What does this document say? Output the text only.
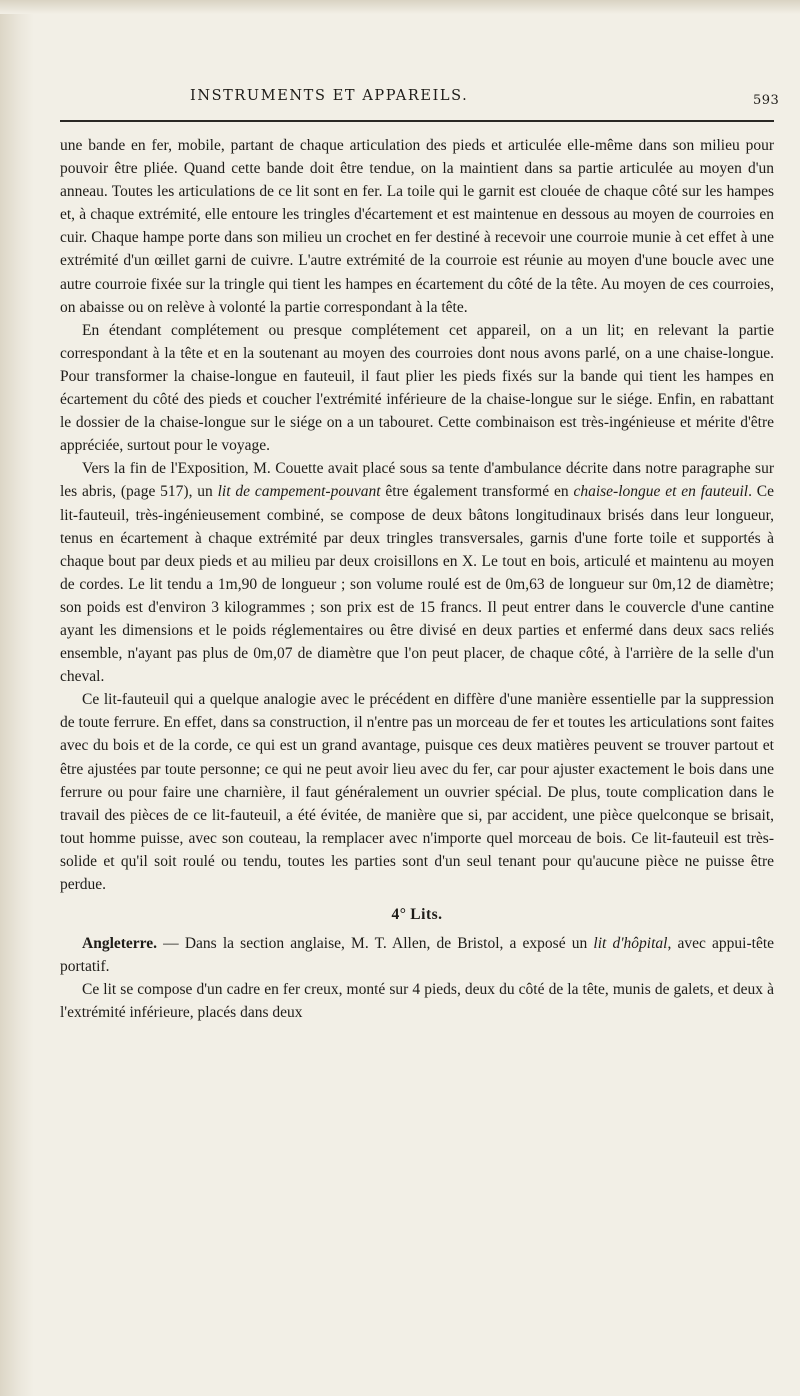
INSTRUMENTS ET APPAREILS.	593

une bande en fer, mobile, partant de chaque articulation des pieds et articulée elle-même dans son milieu pour pouvoir être pliée. Quand cette bande doit être tendue, on la maintient dans sa partie articulée au moyen d'un anneau. Toutes les articulations de ce lit sont en fer. La toile qui le garnit est clouée de chaque côté sur les hampes et, à chaque extrémité, elle entoure les tringles d'écartement et est maintenue en dessous au moyen de courroies en cuir. Chaque hampe porte dans son milieu un crochet en fer destiné à recevoir une courroie munie à cet effet à une extrémité d'un œillet garni de cuivre. L'autre extrémité de la courroie est réunie au moyen d'une boucle avec une autre courroie fixée sur la tringle qui tient les hampes en écartement du côté de la tête. Au moyen de ces courroies, on abaisse ou on relève à volonté la partie correspondant à la tête.

En étendant complétement ou presque complétement cet appareil, on a un lit; en relevant la partie correspondant à la tête et en la soutenant au moyen des courroies dont nous avons parlé, on a une chaise-longue. Pour transformer la chaise-longue en fauteuil, il faut plier les pieds fixés sur la bande qui tient les hampes en écartement du côté des pieds et coucher l'extrémité inférieure de la chaise-longue sur le siége. Enfin, en rabattant le dossier de la chaise-longue sur le siége on a un tabouret. Cette combinaison est très-ingénieuse et mérite d'être appréciée, surtout pour le voyage.

Vers la fin de l'Exposition, M. Couette avait placé sous sa tente d'ambulance décrite dans notre paragraphe sur les abris, (page 517), un lit de campement-pouvant être également transformé en chaise-longue et en fauteuil. Ce lit-fauteuil, très-ingénieusement combiné, se compose de deux bâtons longitudinaux brisés dans leur longueur, tenus en écartement à chaque extrémité par deux tringles transversales, garnis d'une forte toile et supportés à chaque bout par deux pieds et au milieu par deux croisillons en X. Le tout en bois, articulé et maintenu au moyen de cordes. Le lit tendu a 1m,90 de longueur ; son volume roulé est de 0m,63 de longueur sur 0m,12 de diamètre; son poids est d'environ 3 kilogrammes ; son prix est de 15 francs. Il peut entrer dans le couvercle d'une cantine ayant les dimensions et le poids réglementaires ou être divisé en deux parties et enfermé dans deux sacs reliés ensemble, n'ayant pas plus de 0m,07 de diamètre que l'on peut placer, de chaque côté, à l'arrière de la selle d'un cheval.

Ce lit-fauteuil qui a quelque analogie avec le précédent en diffère d'une manière essentielle par la suppression de toute ferrure. En effet, dans sa construction, il n'entre pas un morceau de fer et toutes les articulations sont faites avec du bois et de la corde, ce qui est un grand avantage, puisque ces deux matières peuvent se trouver partout et être ajustées par toute personne; ce qui ne peut avoir lieu avec du fer, car pour ajuster exactement le bois dans une ferrure ou pour faire une charnière, il faut généralement un ouvrier spécial. De plus, toute complication dans le travail des pièces de ce lit-fauteuil, a été évitée, de manière que si, par accident, une pièce quelconque se brisait, tout homme puisse, avec son couteau, la remplacer avec n'importe quel morceau de bois. Ce lit-fauteuil est très-solide et qu'il soit roulé ou tendu, toutes les parties sont d'un seul tenant pour qu'aucune pièce ne puisse être perdue.

4° Lits.

Angleterre. — Dans la section anglaise, M. T. Allen, de Bristol, a exposé un lit d'hôpital, avec appui-tête portatif.

Ce lit se compose d'un cadre en fer creux, monté sur 4 pieds, deux du côté de la tête, munis de galets, et deux à l'extrémité inférieure, placés dans deux
